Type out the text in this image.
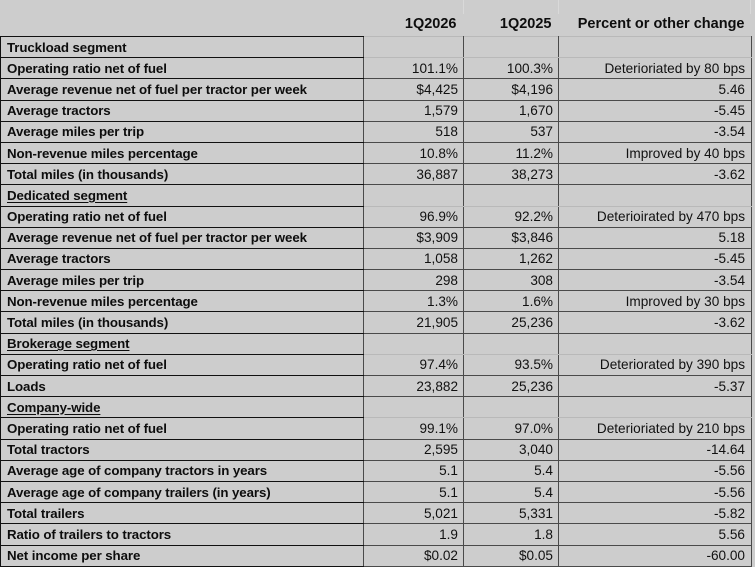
	1Q2026	1Q2025	Percent or other change
Truckload segment			
Operating ratio net of fuel	101.1%	100.3%	Deterioriated by 80 bps
Average revenue net of fuel per tractor per week	$4,425	$4,196	5.46
Average tractors	1,579	1,670	-5.45
Average miles per trip	518	537	-3.54
Non-revenue miles percentage	10.8%	11.2%	Improved by 40 bps
Total miles (in thousands)	36,887	38,273	-3.62
Dedicated segment			
Operating ratio net of fuel	96.9%	92.2%	Deterioirated by 470 bps
Average revenue net of fuel per tractor per week	$3,909	$3,846	5.18
Average tractors	1,058	1,262	-5.45
Average miles per trip	298	308	-3.54
Non-revenue miles percentage	1.3%	1.6%	Improved by 30 bps
Total miles (in thousands)	21,905	25,236	-3.62
Brokerage segment			
Operating ratio net of fuel	97.4%	93.5%	Deteriorated by 390 bps
Loads	23,882	25,236	-5.37
Company-wide			
Operating ratio net of fuel	99.1%	97.0%	Deterioriated by 210 bps
Total tractors	2,595	3,040	-14.64
Average age of company tractors in years	5.1	5.4	-5.56
Average age of company trailers (in years)	5.1	5.4	-5.56
Total trailers	5,021	5,331	-5.82
Ratio of trailers to tractors	1.9	1.8	5.56
Net income per share	$0.02	$0.05	-60.00
